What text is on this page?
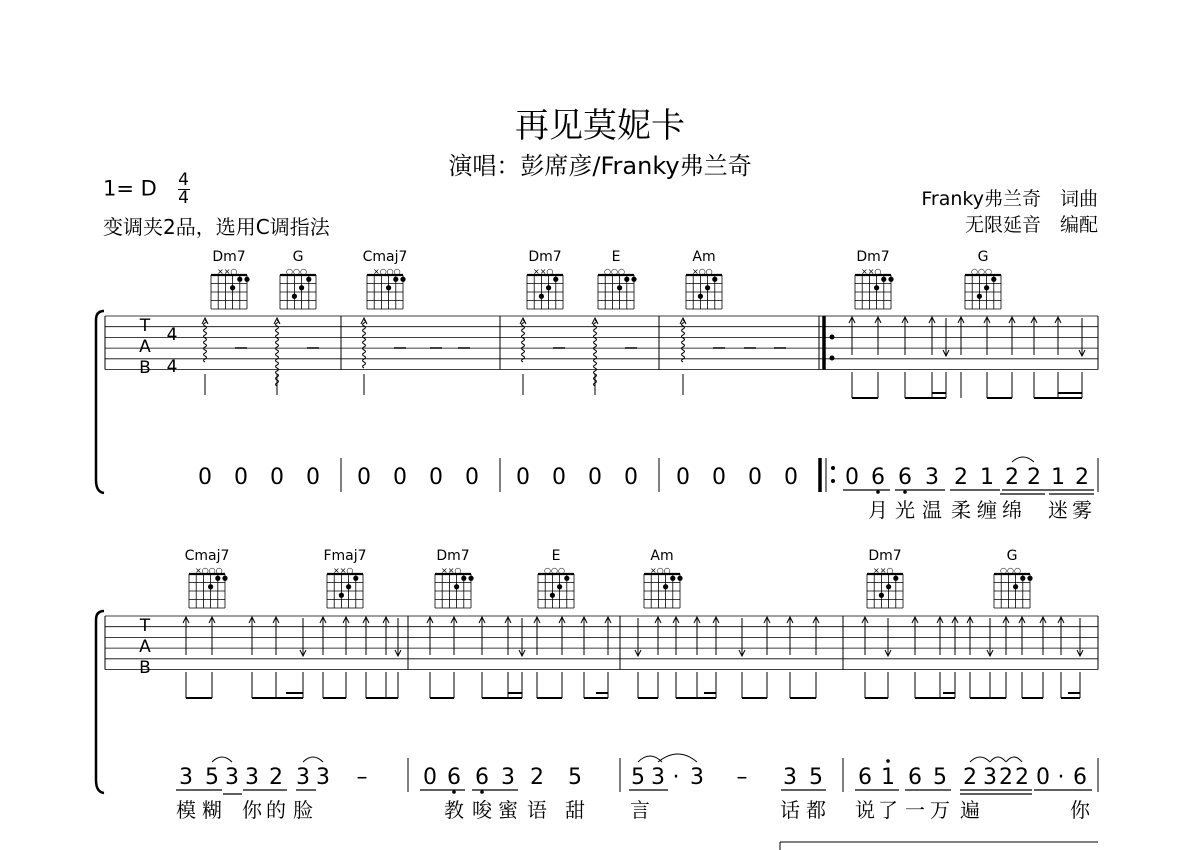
再见莫妮卡
演唱：彭席彦/Franky弗兰奇
1= D $\frac{4}{4}$
变调夹2品，选用C调指法
Franky弗兰奇　词曲
无限延音　编配
Dm7
××○
G
○○○
Cmaj7
×○○○
Dm7
××○
E
○○○
Am
×○○
Dm7
××○
G
○○○
T
A
B
4
4
0 0 0 0 0 0 0 0 0 0 0 0 0 0 0 0 0 6 6 3 2 1 2 2 1 2
月 光 温 柔 缠 绵 迷 雾
Cmaj7
×○○○
Fmaj7
××○
Dm7
××○
E
○○○
Am
×○○
Dm7
××○
G
○○○
T
A
B
3 5 3 3 2 3 3 –	0 6 6 3 2 5 5 3 · 3 – 3 5 6 1 6 5 2 3 2 2 0 · 6
模 糊 你 的 脸	教 唆 蜜 语 甜 言	话 都 说 了 一 万 遍	你
